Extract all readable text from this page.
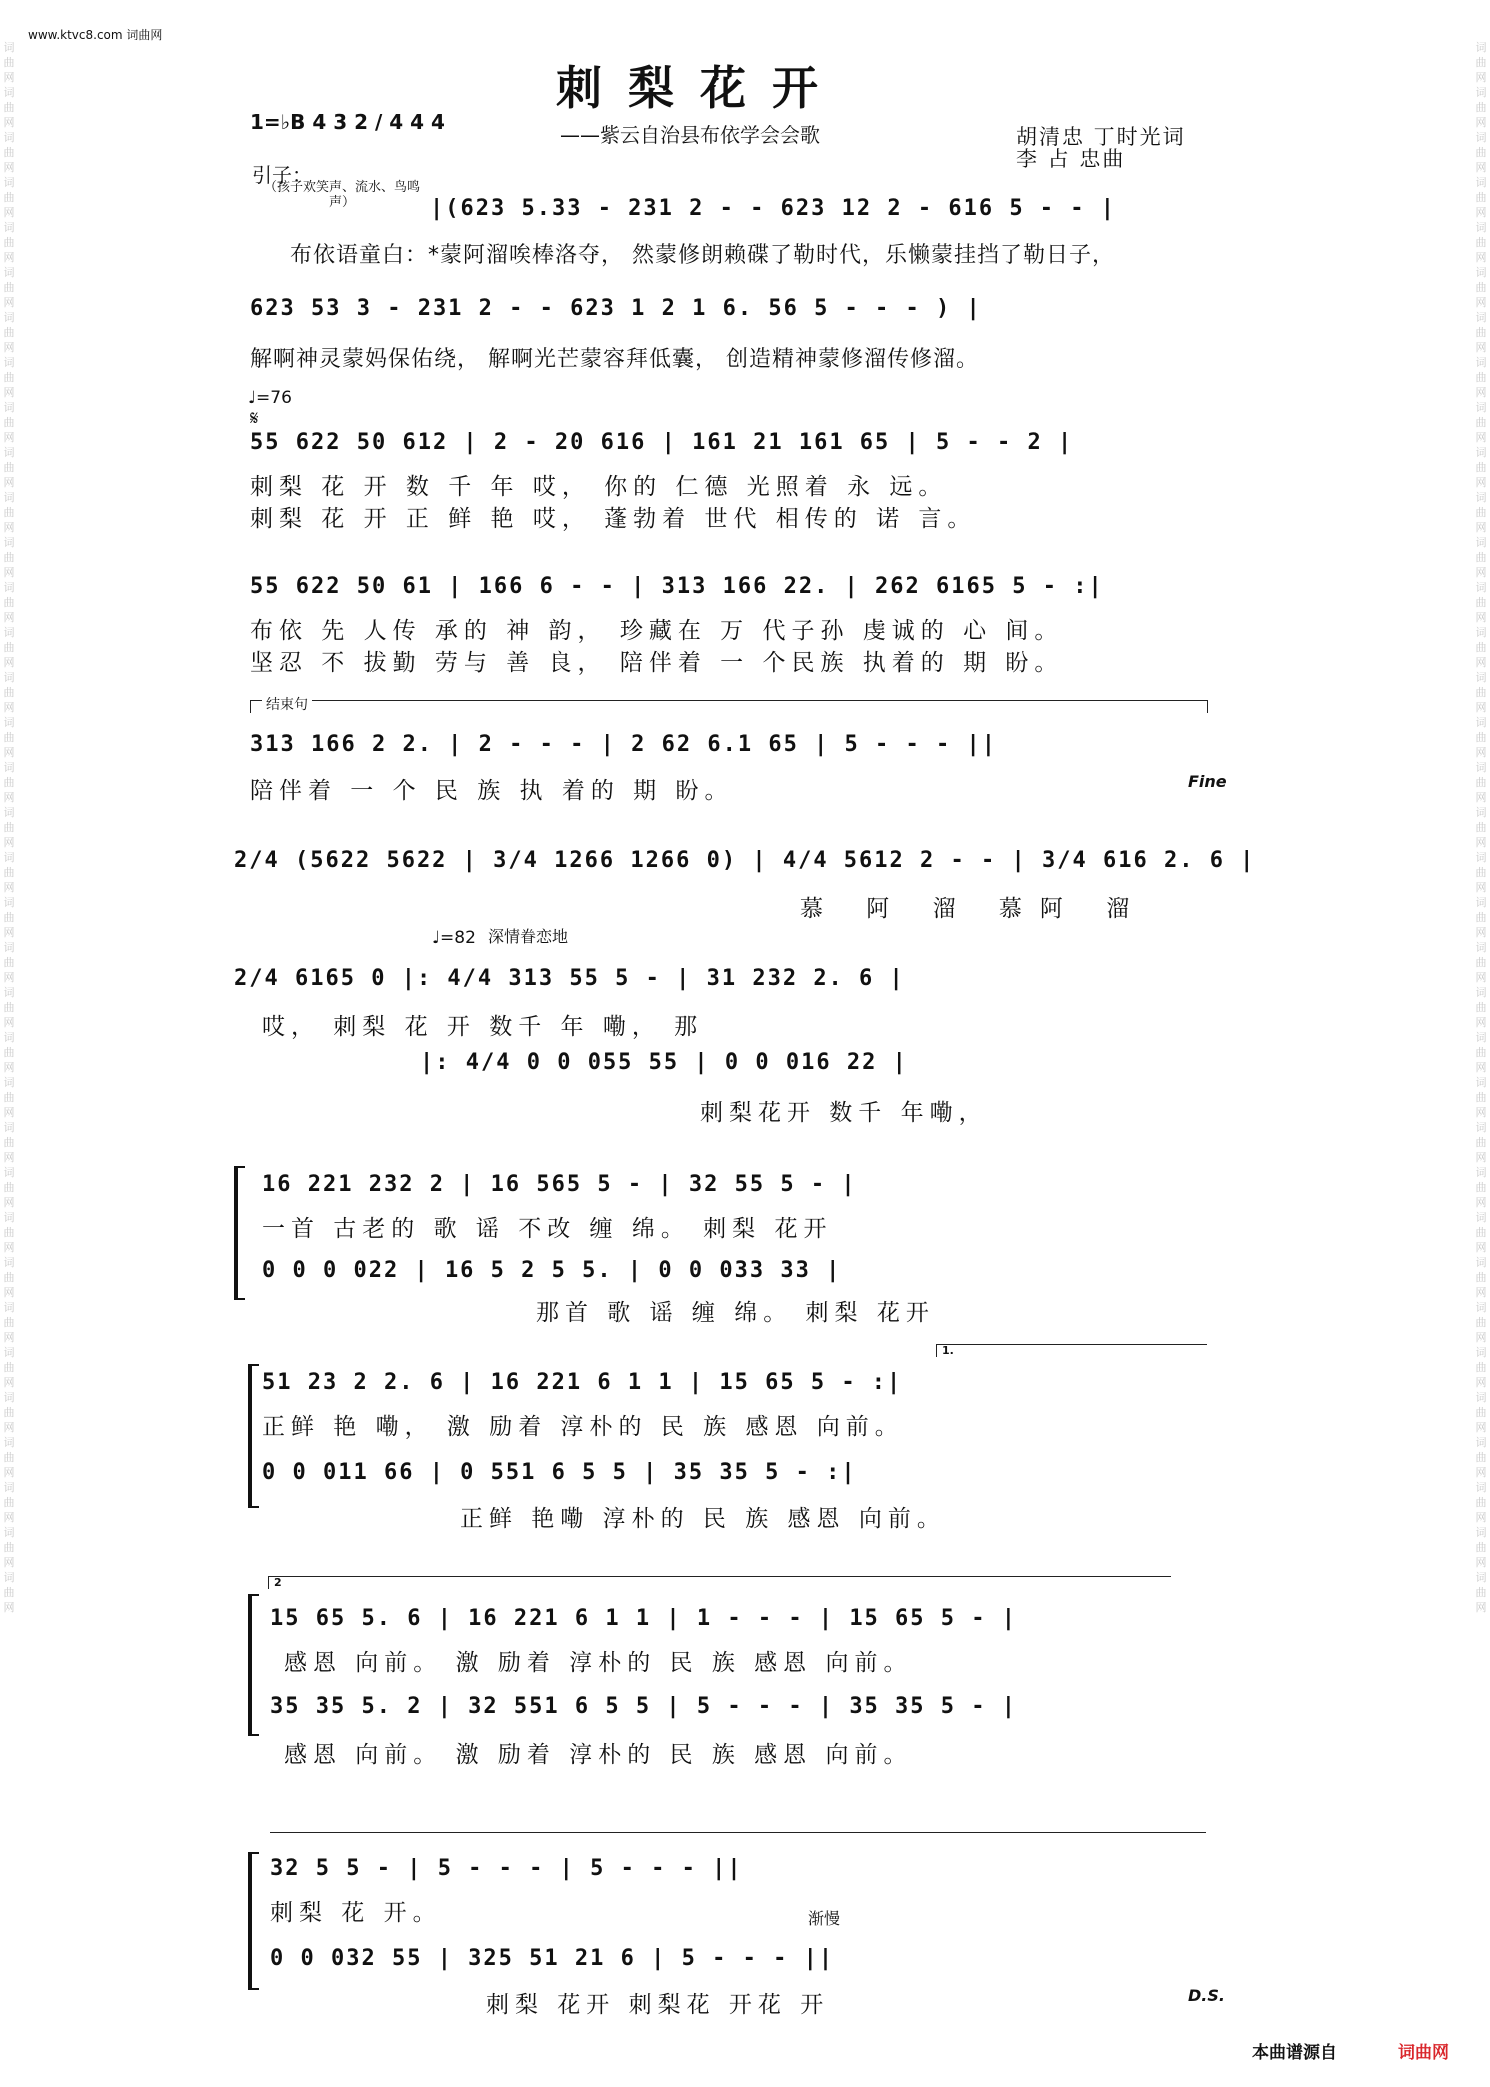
词曲网词曲网词曲网词曲网词曲网词曲网词曲网词曲网词曲网词曲网词曲网词曲网词曲网词曲网词曲网词曲网词曲网词曲网词曲网词曲网词曲网词曲网词曲网词曲网词曲网词曲网词曲网词曲网词曲网词曲网词曲网词曲网词曲网词曲网词曲网
词曲网词曲网词曲网词曲网词曲网词曲网词曲网词曲网词曲网词曲网词曲网词曲网词曲网词曲网词曲网词曲网词曲网词曲网词曲网词曲网词曲网词曲网词曲网词曲网词曲网词曲网词曲网词曲网词曲网词曲网词曲网词曲网词曲网词曲网词曲网
www.ktvc8.com 词曲网
刺梨花开
——紫云自治县布依学会会歌
1=♭B 4 3 2 / 4 4 4
胡清忠 丁时光词
李 占 忠曲
引子：
（孩子欢笑声、流水、鸟鸣声）	|(623 5.33 - 231 2 - - 623 12 2 - 616 5 - - |
布依语童白：*蒙阿溜唉棒洛夺， 然蒙修朗赖碟了勒时代，乐懒蒙挂挡了勒日子，
623 53 3 - 231 2 - - 623 1 2 1 6. 56 5 - - - ) |
解啊神灵蒙妈保佑绕， 解啊光芒蒙容拜低囊， 创造精神蒙修溜传修溜。
♩=76
𝄋
55 622 50 612 | 2 - 20 616 | 161 21 161 65 | 5 - - 2 |
刺梨 花 开 数 千 年 哎， 你的 仁德 光照着 永 远。
刺梨 花 开 正 鲜 艳 哎， 蓬勃着 世代 相传的 诺 言。
55 622 50 61 | 166 6 - - | 313 166 22. | 262 6165 5 - :|
布依 先 人传 承的 神 韵， 珍藏在 万 代子孙 虔诚的 心 间。
坚忍 不 拔勤 劳与 善 良， 陪伴着 一 个民族 执着的 期 盼。
结束句
313 166 2 2. | 2 - - - | 2 62 6.1 65 | 5 - - - ||
陪伴着 一 个 民 族 执 着的 期 盼。	Fine
2/4 (5622 5622 | 3/4 1266 1266 0) | 4/4 5612 2 - - | 3/4 616 2. 6 |
慕 阿 溜 慕阿 溜
♩=82 深情眷恋地
2/4 6165 0 |: 4/4 313 55 5 - | 31 232 2. 6 |
哎， 刺梨 花 开 数千 年 嘞， 那
|: 4/4 0 0 055 55 | 0 0 016 22 |
刺梨花开 数千 年嘞，
16 221 232 2 | 16 565 5 - | 32 55 5 - |
一首 古老的 歌 谣 不改 缠 绵。 刺梨 花开
0 0 0 022 | 16 5 2 5 5. | 0 0 033 33 |
那首 歌 谣 缠 绵。 刺梨 花开
1.
51 23 2 2. 6 | 16 221 6 1 1 | 15 65 5 - :|
正鲜 艳 嘞， 激 励着 淳朴的 民 族 感恩 向前。
0 0 011 66 | 0 551 6 5 5 | 35 35 5 - :|
正鲜 艳嘞 淳朴的 民 族 感恩 向前。
2
15 65 5. 6 | 16 221 6 1 1 | 1 - - - | 15 65 5 - |
感恩 向前。 激 励着 淳朴的 民 族 感恩 向前。
35 35 5. 2 | 32 551 6 5 5 | 5 - - - | 35 35 5 - |
感恩 向前。 激 励着 淳朴的 民 族 感恩 向前。
32 5 5 - | 5 - - - | 5 - - - ||
刺梨 花 开。	渐慢
0 0 032 55 | 325 51 21 6 | 5 - - - ||
刺梨 花开 刺梨花 开花 开	D.S.
本曲谱源自	词曲网
